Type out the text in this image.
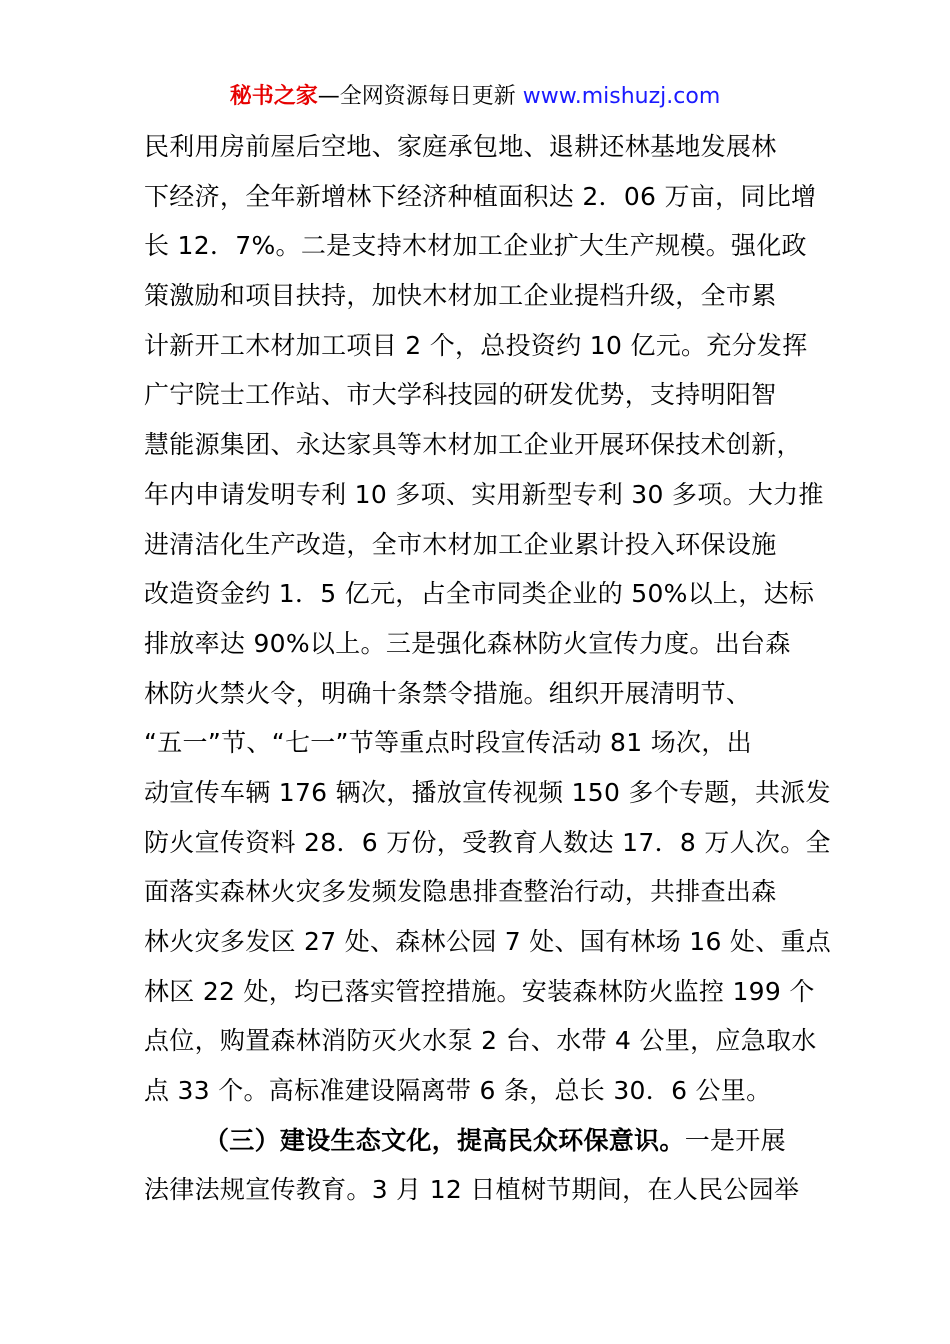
秘书之家—全网资源每日更新 www.mishuzj.com
民利用房前屋后空地、家庭承包地、退耕还林基地发展林
下经济，全年新增林下经济种植面积达 2．06 万亩，同比增
长 12．7%。二是支持木材加工企业扩大生产规模。强化政
策激励和项目扶持，加快木材加工企业提档升级，全市累
计新开工木材加工项目 2 个，总投资约 10 亿元。充分发挥
广宁院士工作站、市大学科技园的研发优势，支持明阳智
慧能源集团、永达家具等木材加工企业开展环保技术创新，
年内申请发明专利 10 多项、实用新型专利 30 多项。大力推
进清洁化生产改造，全市木材加工企业累计投入环保设施
改造资金约 1．5 亿元，占全市同类企业的 50%以上，达标
排放率达 90%以上。三是强化森林防火宣传力度。出台森
林防火禁火令，明确十条禁令措施。组织开展清明节、
“五一”节、“七一”节等重点时段宣传活动 81 场次，出
动宣传车辆 176 辆次，播放宣传视频 150 多个专题，共派发
防火宣传资料 28．6 万份，受教育人数达 17．8 万人次。全
面落实森林火灾多发频发隐患排查整治行动，共排查出森
林火灾多发区 27 处、森林公园 7 处、国有林场 16 处、重点
林区 22 处，均已落实管控措施。安装森林防火监控 199 个
点位，购置森林消防灭火水泵 2 台、水带 4 公里，应急取水
点 33 个。高标准建设隔离带 6 条，总长 30．6 公里。
（三）建设生态文化，提高民众环保意识。一是开展
法律法规宣传教育。3 月 12 日植树节期间，在人民公园举
